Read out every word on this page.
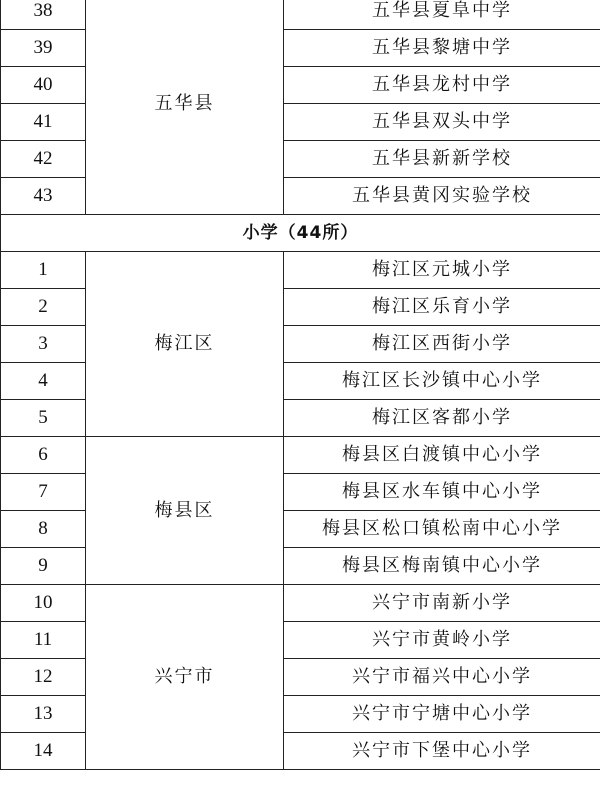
38	五华县	五华县夏阜中学
39		五华县黎塘中学
40		五华县龙村中学
41		五华县双头中学
42		五华县新新学校
43		五华县黄冈实验学校
小学（44所）		
1	梅江区	梅江区元城小学
2		梅江区乐育小学
3		梅江区西街小学
4		梅江区长沙镇中心小学
5		梅江区客都小学
6	梅县区	梅县区白渡镇中心小学
7		梅县区水车镇中心小学
8		梅县区松口镇松南中心小学
9		梅县区梅南镇中心小学
10	兴宁市	兴宁市南新小学
11		兴宁市黄岭小学
12		兴宁市福兴中心小学
13		兴宁市宁塘中心小学
14		兴宁市下堡中心小学
